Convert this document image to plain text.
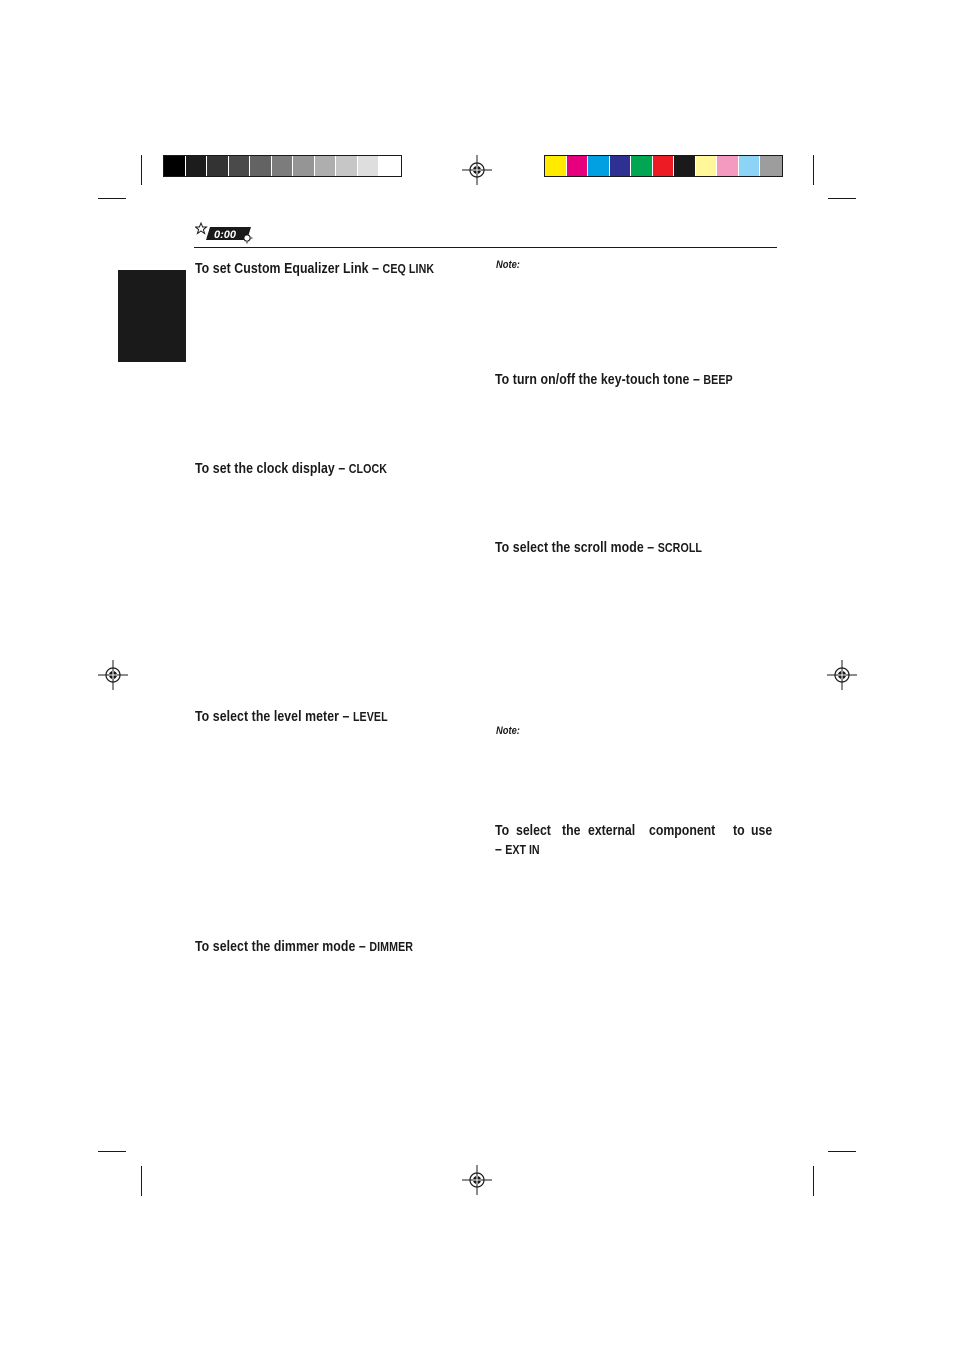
0:00
To set Custom Equalizer Link – CEQ LINK
To set the clock display – CLOCK
To select the level meter – LEVEL
To select the dimmer mode – DIMMER
Note:
To turn on/off the key-touch tone – BEEP
To select the scroll mode – SCROLL
Note:
To select the external component to use
– EXT IN
